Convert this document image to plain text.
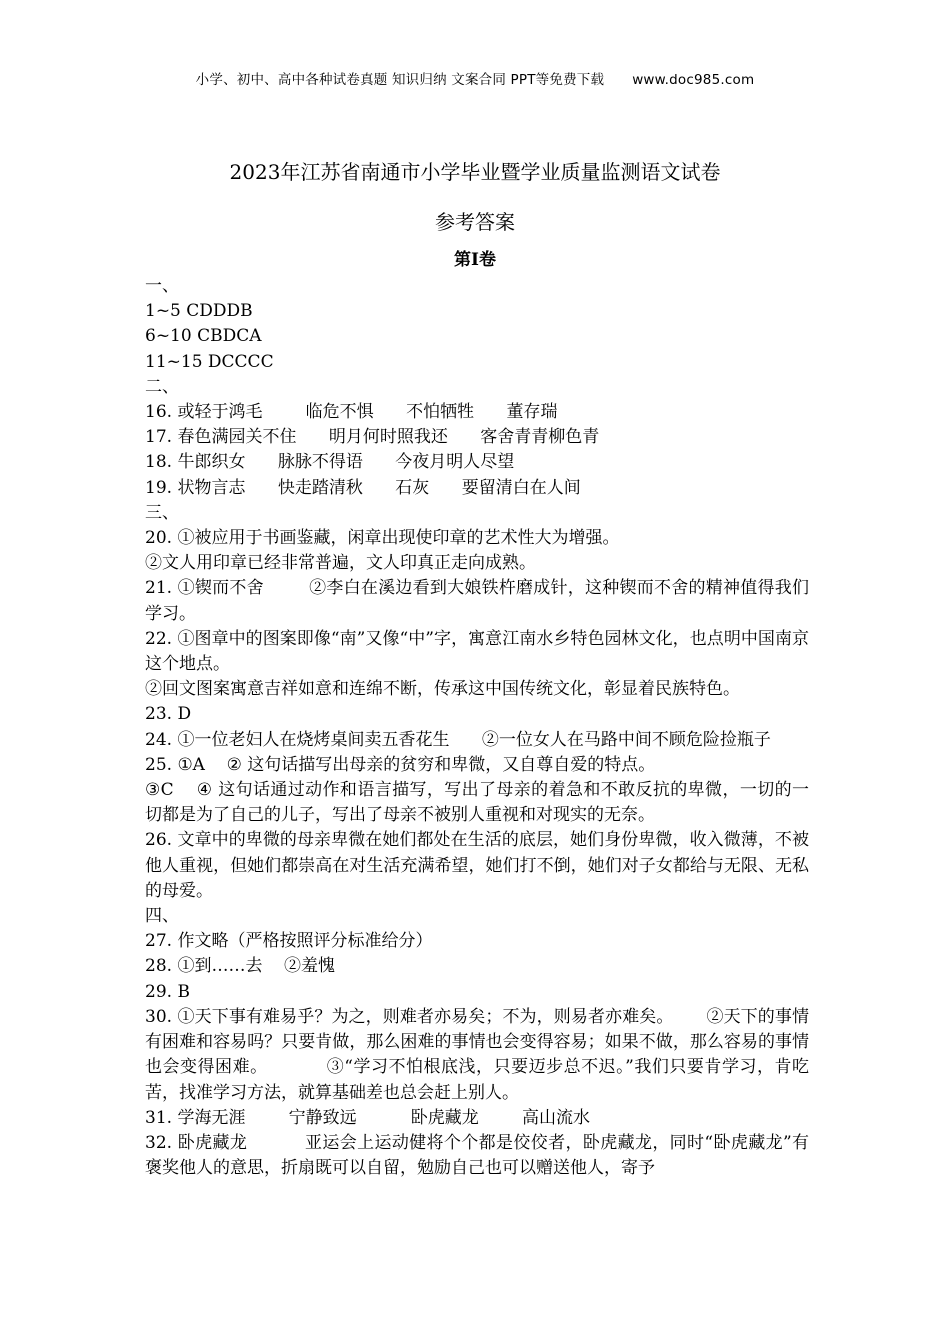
小学、初中、高中各种试卷真题 知识归纳 文案合同 PPT等免费下载 www.doc985.com
2023年江苏省南通市小学毕业暨学业质量监测语文试卷
参考答案
第Ⅰ卷
一、
1~5 CDDDB
6~10 CBDCA
11~15 DCCCC
二、
16. 或轻于鸿毛        临危不惧      不怕牺牲      董存瑞
17. 春色满园关不住      明月何时照我还      客舍青青柳色青
18. 牛郎织女      脉脉不得语      今夜月明人尽望
19. 状物言志      快走踏清秋      石灰      要留清白在人间
三、
20. ①被应用于书画鉴藏，闲章出现使印章的艺术性大为增强。
②文人用印章已经非常普遍，文人印真正走向成熟。
21. ①锲而不舍        ②李白在溪边看到大娘铁杵磨成针，这种锲而不舍的精神值得我们学习。
22. ①图章中的图案即像“南”又像“中”字，寓意江南水乡特色园林文化，也点明中国南京这个地点。
②回文图案寓意吉祥如意和连绵不断，传承这中国传统文化，彰显着民族特色。
23. D
24. ①一位老妇人在烧烤桌间卖五香花生      ②一位女人在马路中间不顾危险捡瓶子
25. ①A    ② 这句话描写出母亲的贫穷和卑微，又自尊自爱的特点。
③C    ④ 这句话通过动作和语言描写，写出了母亲的着急和不敢反抗的卑微，一切的一切都是为了自己的儿子，写出了母亲不被别人重视和对现实的无奈。
26. 文章中的卑微的母亲卑微在她们都处在生活的底层，她们身份卑微，收入微薄，不被他人重视，但她们都崇高在对生活充满希望，她们打不倒，她们对子女都给与无限、无私的母爱。
四、
27. 作文略（严格按照评分标准给分）
28. ①到……去    ②羞愧
29. B
30. ①天下事有难易乎？为之，则难者亦易矣；不为，则易者亦难矣。      ②天下的事情有困难和容易吗？只要肯做，那么困难的事情也会变得容易；如果不做，那么容易的事情也会变得困难。          ③“学习不怕根底浅，只要迈步总不迟。”我们只要肯学习，肯吃苦，找准学习方法，就算基础差也总会赶上别人。
31. 学海无涯        宁静致远          卧虎藏龙        高山流水
32. 卧虎藏龙          亚运会上运动健将个个都是佼佼者，卧虎藏龙，同时“卧虎藏龙”有褒奖他人的意思，折扇既可以自留，勉励自己也可以赠送他人，寄予
